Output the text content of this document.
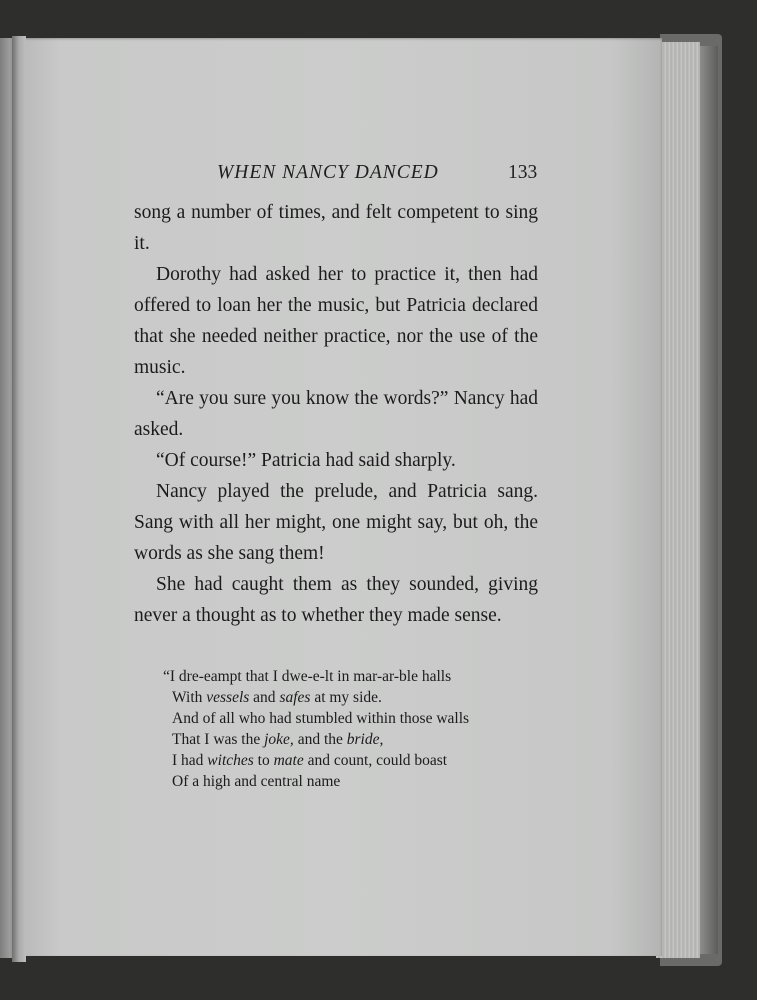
WHEN NANCY DANCED	133

song a number of times, and felt competent to sing it.

Dorothy had asked her to practice it, then had offered to loan her the music, but Patricia declared that she needed neither practice, nor the use of the music.

“Are you sure you know the words?” Nancy had asked.

“Of course!” Patricia had said sharply.

Nancy played the prelude, and Patricia sang. Sang with all her might, one might say, but oh, the words as she sang them!

She had caught them as they sounded, giving never a thought as to whether they made sense.

“I dre-eampt that I dwe-e-lt in mar-ar-ble halls
With vessels and safes at my side.
And of all who had stumbled within those walls
That I was the joke, and the bride,
I had witches to mate and count, could boast
Of a high and central name
